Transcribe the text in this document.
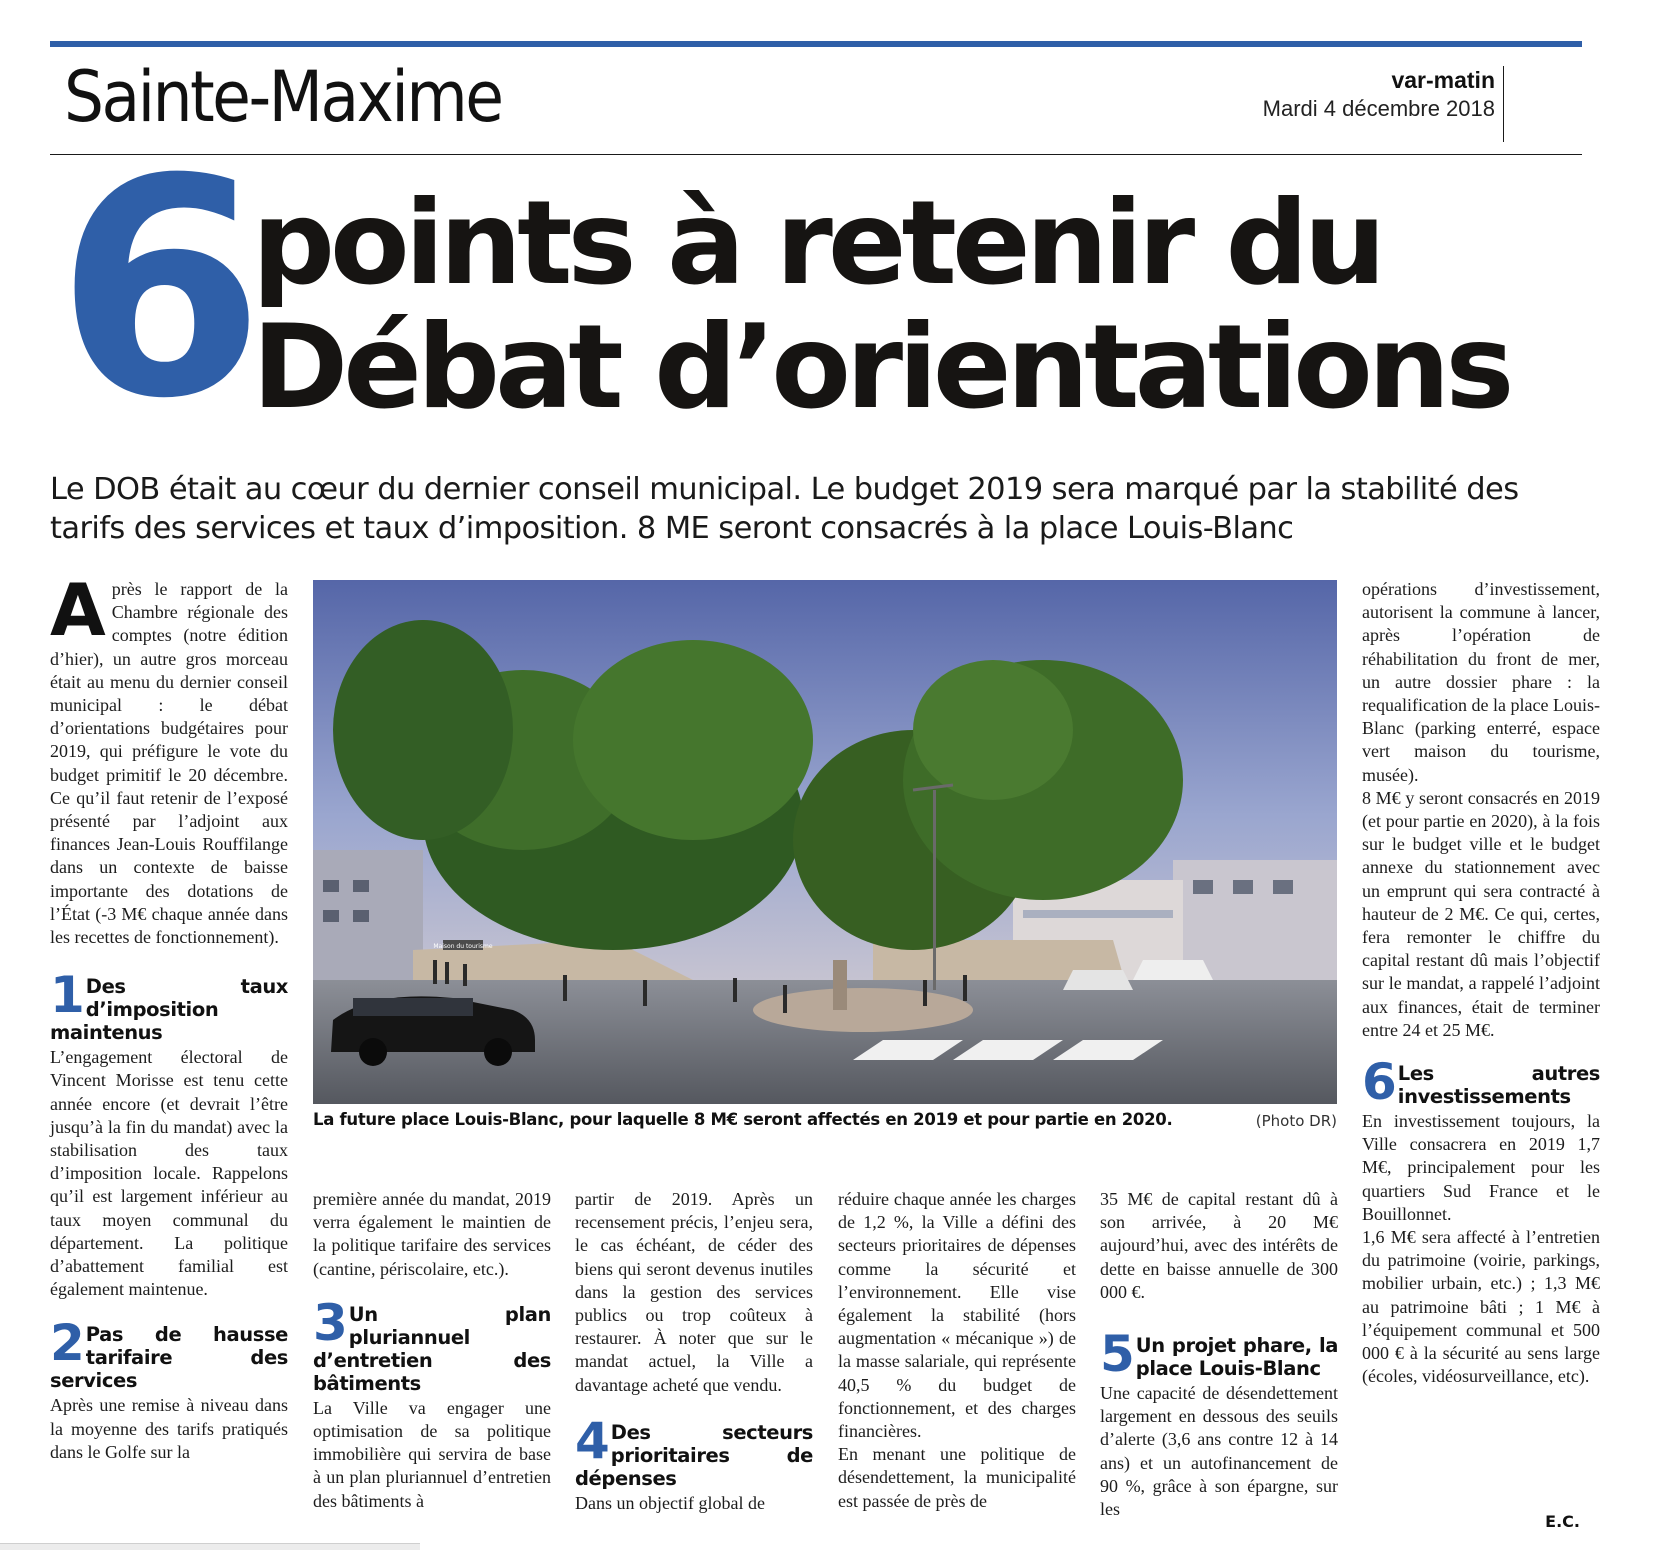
Sainte-Maxime	var-matin
Mardi 4 décembre 2018
6
points à retenir du
Débat d’orientations
Le DOB était au cœur du dernier conseil municipal. Le budget 2019 sera marqué par la stabilité des tarifs des services et taux d’imposition. 8 ME seront consacrés à la place Louis-Blanc

Après le rapport de la Chambre régionale des comptes (notre édition d’hier), un autre gros morceau était au menu du dernier conseil municipal : le débat d’orientations budgétaires pour 2019, qui préfigure le vote du budget primitif le 20 décembre. Ce qu’il faut retenir de l’exposé présenté par l’adjoint aux finances Jean-Louis Rouffilange dans un contexte de baisse importante des dotations de l’État (-3 M€ chaque année dans les recettes de fonctionnement).

1 Des taux d’imposition maintenus

L’engagement électoral de Vincent Morisse est tenu cette année encore (et devrait l’être jusqu’à la fin du mandat) avec la stabilisation des taux d’imposition locale. Rappelons qu’il est largement inférieur au taux moyen communal du département. La politique d’abattement familial est également maintenue.

2 Pas de hausse tarifaire des services

Après une remise à niveau dans la moyenne des tarifs pratiqués dans le Golfe sur la

Maison du tourisme
La future place Louis-Blanc, pour laquelle 8 M€ seront affectés en 2019 et pour partie en 2020.	(Photo DR)

première année du mandat, 2019 verra également le maintien de la politique tarifaire des services (cantine, périscolaire, etc.).

3 Un plan pluriannuel d’entretien des bâtiments

La Ville va engager une optimisation de sa politique immobilière qui servira de base à un plan pluriannuel d’entretien des bâtiments à

partir de 2019. Après un recensement précis, l’enjeu sera, le cas échéant, de céder des biens qui seront devenus inutiles dans la gestion des services publics ou trop coûteux à restaurer. À noter que sur le mandat actuel, la Ville a davantage acheté que vendu.

4 Des secteurs prioritaires de dépenses

Dans un objectif global de

réduire chaque année les charges de 1,2 %, la Ville a défini des secteurs prioritaires de dépenses comme la sécurité et l’environnement. Elle vise également la stabilité (hors augmentation « mécanique ») de la masse salariale, qui représente 40,5 % du budget de fonctionnement, et des charges financières.

En menant une politique de désendettement, la municipalité est passée de près de

35 M€ de capital restant dû à son arrivée, à 20 M€ aujourd’hui, avec des intérêts de dette en baisse annuelle de 300 000 €.

5 Un projet phare, la place Louis-Blanc

Une capacité de désendettement largement en dessous des seuils d’alerte (3,6 ans contre 12 à 14 ans) et un autofinancement de 90 %, grâce à son épargne, sur les

opérations d’investissement, autorisent la commune à lancer, après l’opération de réhabilitation du front de mer, un autre dossier phare : la requalification de la place Louis-Blanc (parking enterré, espace vert maison du tourisme, musée).

8 M€ y seront consacrés en 2019 (et pour partie en 2020), à la fois sur le budget ville et le budget annexe du stationnement avec un emprunt qui sera contracté à hauteur de 2 M€. Ce qui, certes, fera remonter le chiffre du capital restant dû mais l’objectif sur le mandat, a rappelé l’adjoint aux finances, était de terminer entre 24 et 25 M€.

6 Les autres investissements

En investissement toujours, la Ville consacrera en 2019 1,7 M€, principalement pour les quartiers Sud France et le Bouillonnet.

1,6 M€ sera affecté à l’entretien du patrimoine (voirie, parkings, mobilier urbain, etc.) ; 1,3 M€ au patrimoine bâti ; 1 M€ à l’équipement communal et 500 000 € à la sécurité au sens large (écoles, vidéosurveillance, etc).

E.C.
